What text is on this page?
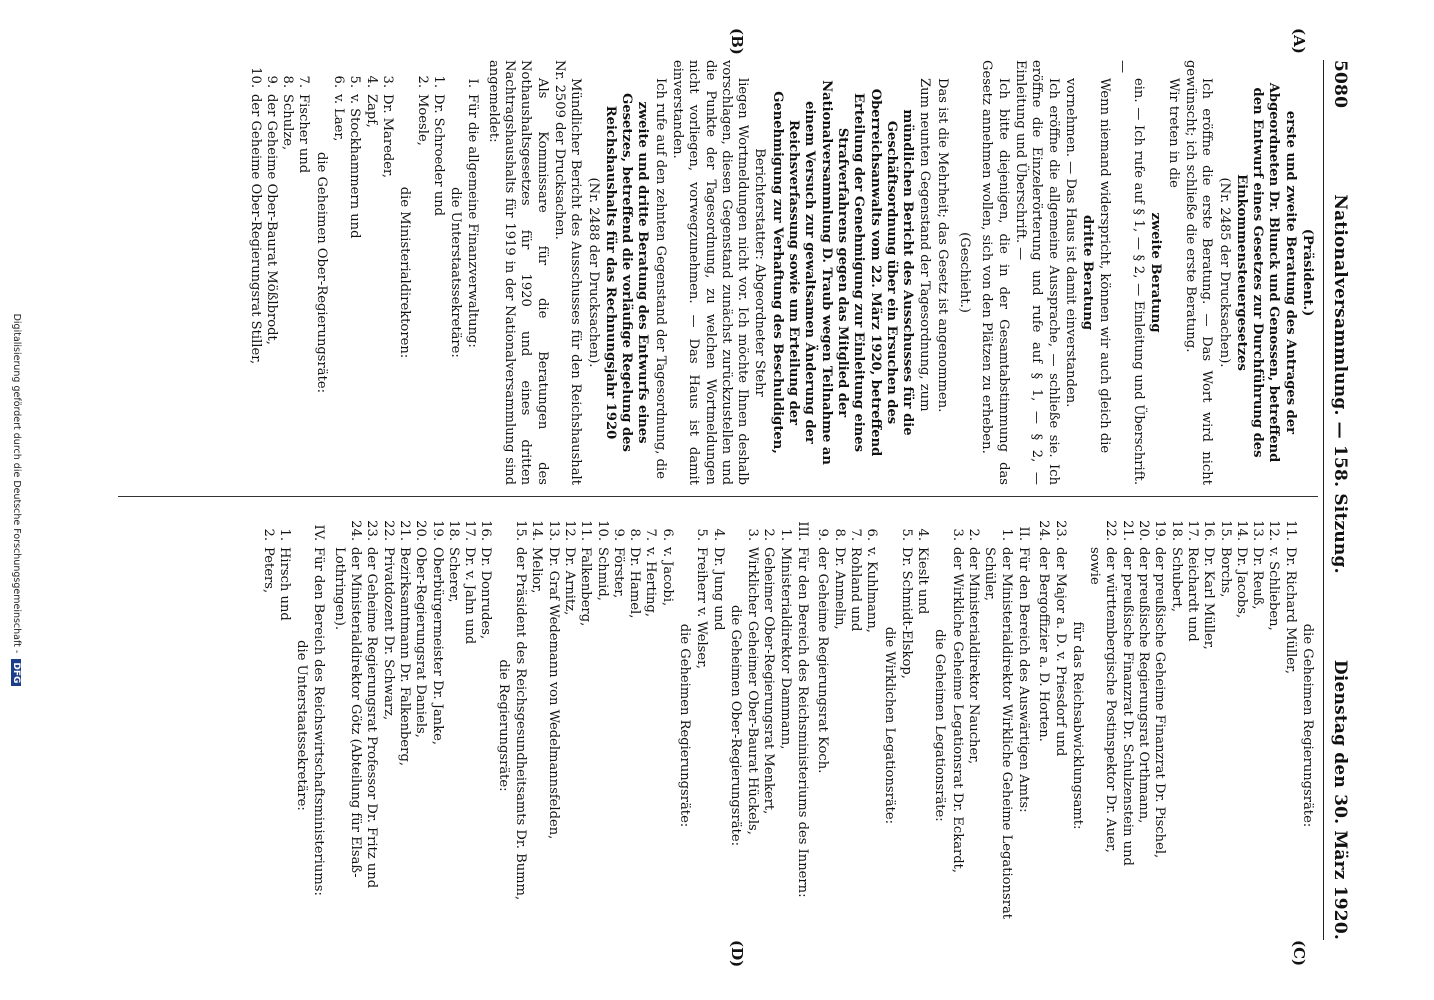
5080
Nationalversammlung. — 158. Sitzung.
Dienstag den 30. März 1920.
(A)
(B)
(C)
(D)
(Präsident.)
erste und zweite Beratung des Antrages der Abgeordneten Dr. Blunck und Genossen, betreffend den Entwurf eines Gesetzes zur Durchführung des Einkommensteuergesetzes
(Nr. 2485 der Drucksachen).
Ich eröffne die erste Beratung. — Das Wort wird nicht gewünscht; ich schließe die erste Beratung.
Wir treten in die
zweite Beratung
ein. — Ich rufe auf § 1, — § 2, — Einleitung und Überschrift. —
Wenn niemand widerspricht, können wir auch gleich die
dritte Beratung
vornehmen. — Das Haus ist damit einverstanden.
Ich eröffne die allgemeine Aussprache, — schließe sie. Ich eröffne die Einzelerörterung und rufe auf § 1, — § 2, — Einleitung und Überschrift. —
Ich bitte diejenigen, die in der Gesamtabstimmung das Gesetz annehmen wollen, sich von den Plätzen zu erheben.
(Geschieht.)
Das ist die Mehrheit; das Gesetz ist angenommen.
Zum neunten Gegenstand der Tagesordnung, zum
mündlichen Bericht des Ausschusses für die Geschäftsordnung über ein Ersuchen des Oberreichsanwalts vom 22. März 1920, betreffend Erteilung der Genehmigung zur Einleitung eines Strafverfahrens gegen das Mitglied der Nationalversammlung D. Traub wegen Teilnahme an einem Versuch zur gewaltsamen Änderung der Reichsverfassung sowie um Erteilung der Genehmigung zur Verhaftung des Beschuldigten,
Berichterstatter: Abgeordneter Stehr
liegen Wortmeldungen nicht vor. Ich möchte Ihnen deshalb vorschlagen, diesen Gegenstand zunächst zurückzustellen und die Punkte der Tagesordnung, zu welchen Wortmeldungen nicht vorliegen, vorwegzunehmen. — Das Haus ist damit einverstanden.
Ich rufe auf den zehnten Gegenstand der Tagesordnung, die
zweite und dritte Beratung des Entwurfs eines Gesetzes, betreffend die vorläufige Regelung des Reichshaushalts für das Rechnungsjahr 1920
(Nr. 2488 der Drucksachen).
Mündlicher Bericht des Ausschusses für den Reichshaushalt Nr. 2509 der Drucksachen.
Als Kommissare für die Beratungen des Nothaushaltsgesetzes für 1920 und eines dritten Nachtragshaushalts für 1919 in der Nationalversammlung sind angemeldet:
I.
Für die allgemeine Finanzverwaltung:
die Unterstaatssekretäre:
1.
Dr. Schroeder und
2.
Moesle,
die Ministerialdirektoren:
3.
Dr. Mareder,
4.
Zapf,
5.
v. Stockhammern und
6.
v. Laer,
die Geheimen Ober-Regierungsräte:
7.
Fischer und
8.
Schulze,
9.
der Geheime Ober-Baurat Mößlbrodt,
10.
der Geheime Ober-Regierungsrat Stiller,
die Geheimen Regierungsräte:
11.
Dr. Richard Müller,
12.
v. Schlieben,
13.
Dr. Reuß,
14.
Dr. Jacobs,
15.
Borchs,
16.
Dr. Karl Müller,
17.
Reichardt und
18.
Schubert,
19.
der preußische Geheime Finanzrat Dr. Pischel,
20.
der preußische Regierungsrat Orthmann,
21.
der preußische Finanzrat Dr. Schulzenstein und
22.
der württembergische Postinspektor Dr. Auer,
sowie
für das Reichsabwicklungsamt:
23.
der Major a. D. v. Priesdorf und
24.
der Bergoffizier a. D. Horten.
II.
Für den Bereich des Auswärtigen Amts:
1.
der Ministerialdirektor Wirkliche Geheime Legationsrat Schüler,
2.
der Ministerialdirektor Naucher,
3.
der Wirkliche Geheime Legationsrat Dr. Eckardt,
die Geheimen Legationsräte:
4.
Kieslt und
5.
Dr. Schmidt-Elskop,
die Wirklichen Legationsräte:
6.
v. Kuhlmann,
7.
Rohland und
8.
Dr. Anmelin,
9.
der Geheime Regierungsrat Koch.
III.
Für den Bereich des Reichsministeriums des Innern:
1.
Ministerialdirektor Dammann,
2.
Geheimer Ober-Regierungsrat Menkert,
3.
Wirklicher Geheimer Ober-Baurat Hückels,
die Geheimen Ober-Regierungsräte:
4.
Dr. Jung und
5.
Freiherr v. Welser,
die Geheimen Regierungsräte:
6.
v. Jacobi,
7.
v. Herting,
8.
Dr. Hamel,
9.
Förster,
10.
Schmid,
11.
Falkenberg,
12.
Dr. Arnitz,
13.
Dr. Graf Wedemann von Wedelmannsfelden,
14.
Melior,
15.
der Präsident des Reichsgesundheitsamts Dr. Bumm,
die Regierungsräte:
16.
Dr. Donrudes,
17.
Dr. v. Jahn und
18.
Scherer,
19.
Oberbürgermeister Dr. Janke,
20.
Ober-Regierungsrat Daniels,
21.
Bezirksamtmann Dr. Falkenberg,
22.
Privatdozent Dr. Schwarz,
23.
der Geheime Regierungsrat Professor Dr. Fritz und
24.
der Ministerialdirektor Götz (Abteilung für Elsaß-Lothringen).
IV.
Für den Bereich des Reichswirtschaftsministeriums:
die Unterstaatssekretäre:
1.
Hirsch und
2.
Peters,
Digitalisierung gefördert durch die Deutsche Forschungsgemeinschaft - DFG
